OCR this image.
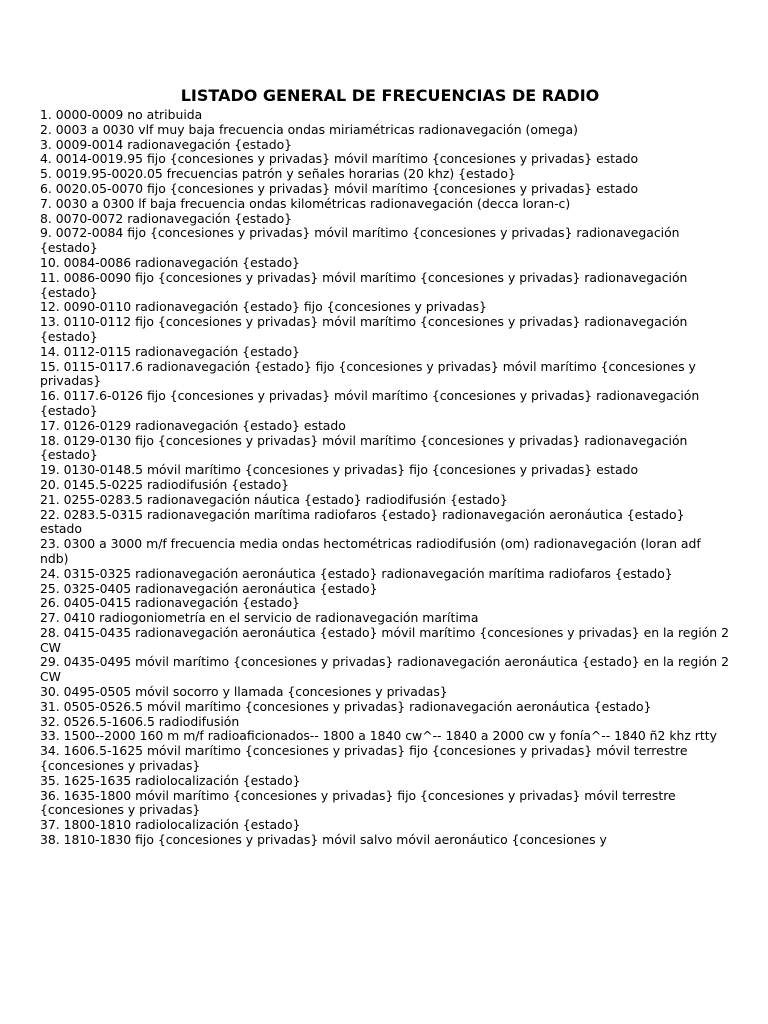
LISTADO GENERAL DE FRECUENCIAS DE RADIO
1. 0000-0009 no atribuida
2. 0003 a 0030 vlf muy baja frecuencia ondas miriamétricas radionavegación (omega)
3. 0009-0014 radionavegación {estado}
4. 0014-0019.95 fijo {concesiones y privadas} móvil marítimo {concesiones y privadas} estado
5. 0019.95-0020.05 frecuencias patrón y señales horarias (20 khz) {estado}
6. 0020.05-0070 fijo {concesiones y privadas} móvil marítimo {concesiones y privadas} estado
7. 0030 a 0300 lf baja frecuencia ondas kilométricas radionavegación (decca loran-c)
8. 0070-0072 radionavegación {estado}
9. 0072-0084 fijo {concesiones y privadas} móvil marítimo {concesiones y privadas} radionavegación {estado}
10. 0084-0086 radionavegación {estado}
11. 0086-0090 fijo {concesiones y privadas} móvil marítimo {concesiones y privadas} radionavegación {estado}
12. 0090-0110 radionavegación {estado} fijo {concesiones y privadas}
13. 0110-0112 fijo {concesiones y privadas} móvil marítimo {concesiones y privadas} radionavegación {estado}
14. 0112-0115 radionavegación {estado}
15. 0115-0117.6 radionavegación {estado} fijo {concesiones y privadas} móvil marítimo {concesiones y privadas}
16. 0117.6-0126 fijo {concesiones y privadas} móvil marítimo {concesiones y privadas} radionavegación {estado}
17. 0126-0129 radionavegación {estado} estado
18. 0129-0130 fijo {concesiones y privadas} móvil marítimo {concesiones y privadas} radionavegación {estado}
19. 0130-0148.5 móvil marítimo {concesiones y privadas} fijo {concesiones y privadas} estado
20. 0145.5-0225 radiodifusión {estado}
21. 0255-0283.5 radionavegación náutica {estado} radiodifusión {estado}
22. 0283.5-0315 radionavegación marítima radiofaros {estado} radionavegación aeronáutica {estado} estado
23. 0300 a 3000 m/f frecuencia media ondas hectométricas radiodifusión (om) radionavegación (loran adf ndb)
24. 0315-0325 radionavegación aeronáutica {estado} radionavegación marítima radiofaros {estado}
25. 0325-0405 radionavegación aeronáutica {estado}
26. 0405-0415 radionavegación {estado}
27. 0410 radiogoniometría en el servicio de radionavegación marítima
28. 0415-0435 radionavegación aeronáutica {estado} móvil marítimo {concesiones y privadas} en la región 2 CW
29. 0435-0495 móvil marítimo {concesiones y privadas} radionavegación aeronáutica {estado} en la región 2 CW
30. 0495-0505 móvil socorro y llamada {concesiones y privadas}
31. 0505-0526.5 móvil marítimo {concesiones y privadas} radionavegación aeronáutica {estado}
32. 0526.5-1606.5 radiodifusión
33. 1500--2000 160 m m/f radioaficionados-- 1800 a 1840 cw^-- 1840 a 2000 cw y fonía^-- 1840 ñ2 khz rtty
34. 1606.5-1625 móvil marítimo {concesiones y privadas} fijo {concesiones y privadas} móvil terrestre {concesiones y privadas}
35. 1625-1635 radiolocalización {estado}
36. 1635-1800 móvil marítimo {concesiones y privadas} fijo {concesiones y privadas} móvil terrestre {concesiones y privadas}
37. 1800-1810 radiolocalización {estado}
38. 1810-1830 fijo {concesiones y privadas} móvil salvo móvil aeronáutico {concesiones y
